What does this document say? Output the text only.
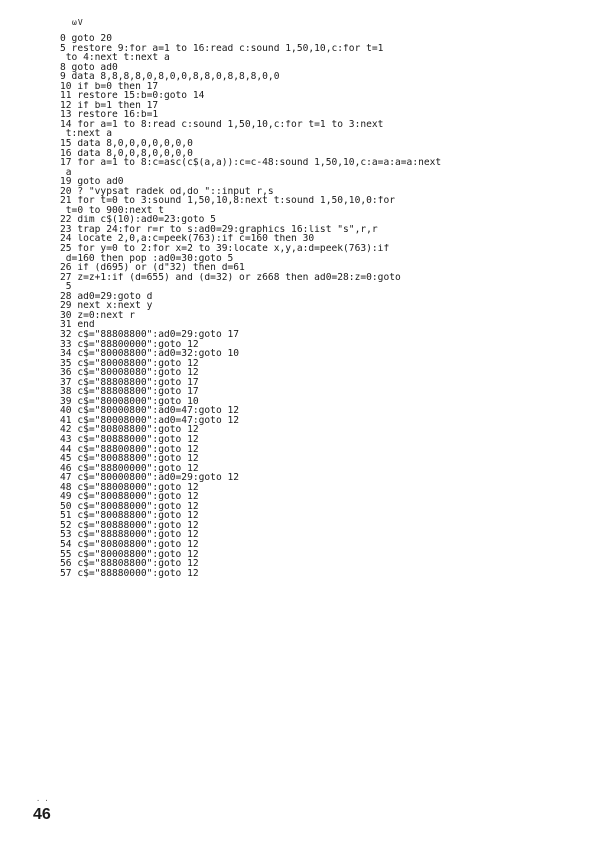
ωV
0 goto 20
5 restore 9:for a=1 to 16:read c:sound 1,50,10,c:for t=1
to 4:next t:next a
8 goto ad0
9 data 8,8,8,8,0,8,0,0,8,8,0,8,8,8,0,0
10 if b=0 then 17
11 restore 15:b=0:goto 14
12 if b=1 then 17
13 restore 16:b=1
14 for a=1 to 8:read c:sound 1,50,10,c:for t=1 to 3:next
t:next a
15 data 8,0,0,0,0,0,0,0
16 data 8,0,0,8,0,0,0,0
17 for a=1 to 8:c=asc(c$(a,a)):c=c-48:sound 1,50,10,c:a=a:a=a:next
a
19 goto ad0
20 ? "vypsat radek od,do "::input r,s
21 for t=0 to 3:sound 1,50,10,8:next t:sound 1,50,10,0:for
t=0 to 900:next t
22 dim c$(10):ad0=23:goto 5
23 trap 24:for r=r to s:ad0=29:graphics 16:list "s",r,r
24 locate 2,0,a:c=peek(763):if c=160 then 30
25 for y=0 to 2:for x=2 to 39:locate x,y,a:d=peek(763):if
d=160 then pop :ad0=30:goto 5
26 if (d695) or (d"32) then d=61
27 z=z+1:if (d=655) and (d=32) or z668 then ad0=28:z=0:goto
5
28 ad0=29:goto d
29 next x:next y
30 z=0:next r
31 end
32 c$="88808800":ad0=29:goto 17
33 c$="88800000":goto 12
34 c$="80008800":ad0=32:goto 10
35 c$="80008800":goto 12
36 c$="80008080":goto 12
37 c$="88808800":goto 17
38 c$="88808800":goto 17
39 c$="80008000":goto 10
40 c$="80000800":ad0=47:goto 12
41 c$="80008000":ad0=47:goto 12
42 c$="80808800":goto 12
43 c$="80888000":goto 12
44 c$="88800800":goto 12
45 c$="80088800":goto 12
46 c$="88800000":goto 12
47 c$="80000800":ad0=29:goto 12
48 c$="88008000":goto 12
49 c$="80088000":goto 12
50 c$="80088000":goto 12
51 c$="80088800":goto 12
52 c$="80888000":goto 12
53 c$="88888000":goto 12
54 c$="80808800":goto 12
55 c$="80008800":goto 12
56 c$="88808800":goto 12
57 c$="88880000":goto 12
· ·
46
